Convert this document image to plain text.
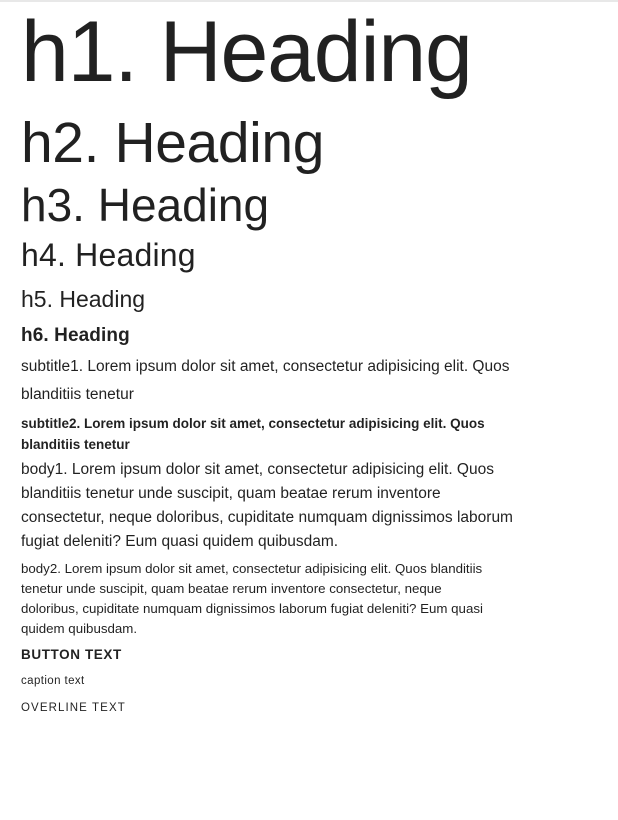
h1. Heading
h2. Heading
h3. Heading
h4. Heading
h5. Heading
h6. Heading

subtitle1. Lorem ipsum dolor sit amet, consectetur adipisicing elit. Quos blanditiis tenetur

subtitle2. Lorem ipsum dolor sit amet, consectetur adipisicing elit. Quos blanditiis tenetur

body1. Lorem ipsum dolor sit amet, consectetur adipisicing elit. Quos blanditiis tenetur unde suscipit, quam beatae rerum inventore consectetur, neque doloribus, cupiditate numquam dignissimos laborum fugiat deleniti? Eum quasi quidem quibusdam.

body2. Lorem ipsum dolor sit amet, consectetur adipisicing elit. Quos blanditiis tenetur unde suscipit, quam beatae rerum inventore consectetur, neque doloribus, cupiditate numquam dignissimos laborum fugiat deleniti? Eum quasi quidem quibusdam.

BUTTON TEXT
caption text
OVERLINE TEXT
